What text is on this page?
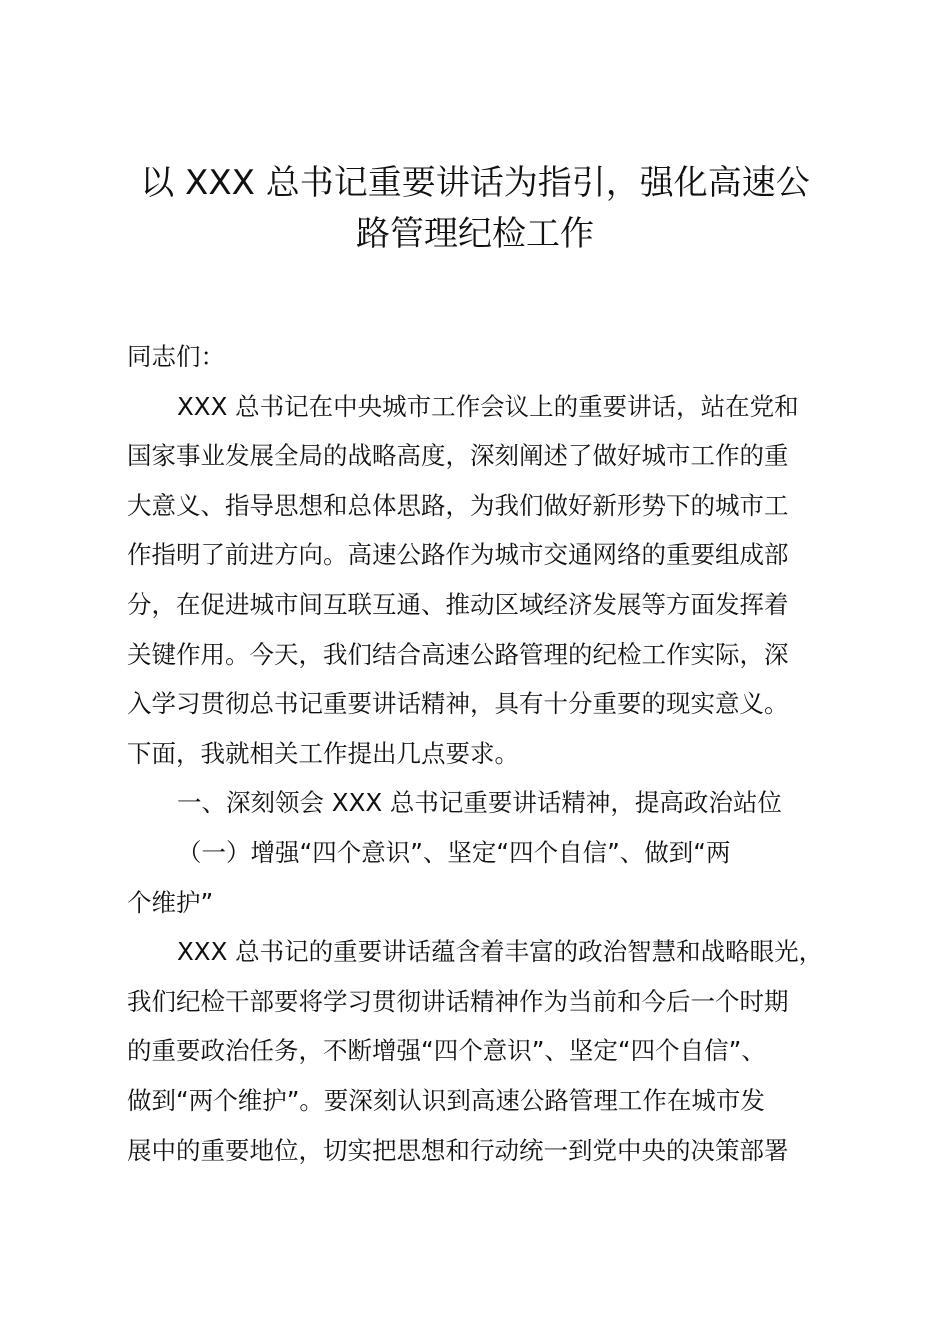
以 XXX 总书记重要讲话为指引，强化高速公
路管理纪检工作
同志们：
XXX 总书记在中央城市工作会议上的重要讲话，站在党和
国家事业发展全局的战略高度，深刻阐述了做好城市工作的重
大意义、指导思想和总体思路，为我们做好新形势下的城市工
作指明了前进方向。高速公路作为城市交通网络的重要组成部
分，在促进城市间互联互通、推动区域经济发展等方面发挥着
关键作用。今天，我们结合高速公路管理的纪检工作实际，深
入学习贯彻总书记重要讲话精神，具有十分重要的现实意义。
下面，我就相关工作提出几点要求。
一、深刻领会 XXX 总书记重要讲话精神，提高政治站位
（一）增强“四个意识”、坚定“四个自信”、做到“两
个维护”
XXX 总书记的重要讲话蕴含着丰富的政治智慧和战略眼光，
我们纪检干部要将学习贯彻讲话精神作为当前和今后一个时期
的重要政治任务，不断增强“四个意识”、坚定“四个自信”、
做到“两个维护”。要深刻认识到高速公路管理工作在城市发
展中的重要地位，切实把思想和行动统一到党中央的决策部署
